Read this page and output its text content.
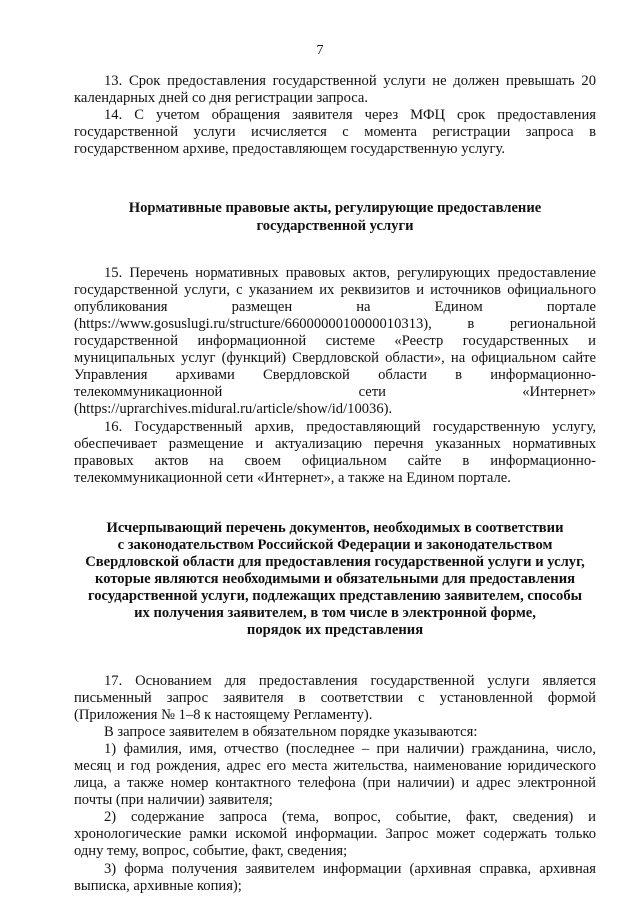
7

13. Срок предоставления государственной услуги не должен превышать 20 календарных дней со дня регистрации запроса.

14. С учетом обращения заявителя через МФЦ срок предоставления государственной услуги исчисляется с момента регистрации запроса в государственном архиве, предоставляющем государственную услугу.

Нормативные правовые акты, регулирующие предоставление
государственной услуги

15. Перечень нормативных правовых актов, регулирующих предоставление государственной услуги, с указанием их реквизитов и источников официального опубликования размещен на Едином портале (https://www.gosuslugi.ru/structure/6600000010000010313), в региональной государственной информационной системе «Реестр государственных и муниципальных услуг (функций) Свердловской области», на официальном сайте Управления архивами Свердловской области в информационно-телекоммуникационной сети «Интернет» (https://uprarchives.midural.ru/article/show/id/10036).

16. Государственный архив, предоставляющий государственную услугу, обеспечивает размещение и актуализацию перечня указанных нормативных правовых актов на своем официальном сайте в информационно-телекоммуникационной сети «Интернет», а также на Едином портале.

Исчерпывающий перечень документов, необходимых в соответствии
с законодательством Российской Федерации и законодательством
Свердловской области для предоставления государственной услуги и услуг,
которые являются необходимыми и обязательными для предоставления
государственной услуги, подлежащих представлению заявителем, способы
их получения заявителем, в том числе в электронной форме,
порядок их представления

17. Основанием для предоставления государственной услуги является письменный запрос заявителя в соответствии с установленной формой (Приложения № 1–8 к настоящему Регламенту).

В запросе заявителем в обязательном порядке указываются:

1) фамилия, имя, отчество (последнее – при наличии) гражданина, число, месяц и год рождения, адрес его места жительства, наименование юридического лица, а также номер контактного телефона (при наличии) и адрес электронной почты (при наличии) заявителя;

2) содержание запроса (тема, вопрос, событие, факт, сведения) и хронологические рамки искомой информации. Запрос может содержать только одну тему, вопрос, событие, факт, сведения;

3) форма получения заявителем информации (архивная справка, архивная выписка, архивные копия);
